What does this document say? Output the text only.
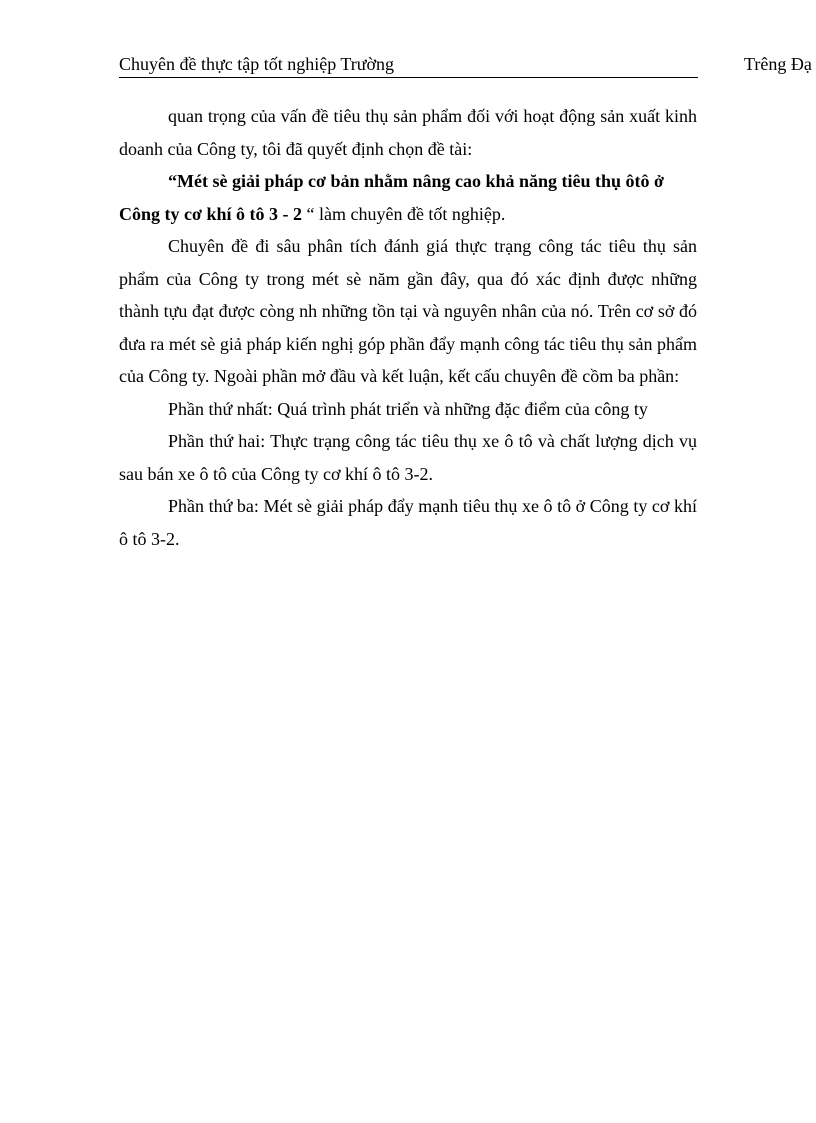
Chuyên đề thực tập tốt nghiệp Trường	Trêng Đạ

quan trọng của vấn đề tiêu thụ sản phẩm đối với hoạt động sản xuất kinh doanh của Công ty, tôi đã quyết định chọn đề tài:

“Mét sè giải pháp cơ bản nhằm nâng cao khả năng tiêu thụ ôtô ở Công ty cơ khí ô tô 3 - 2 “ làm chuyên đề tốt nghiệp.

Chuyên đề đi sâu phân tích đánh giá thực trạng công tác tiêu thụ sản phẩm của Công ty trong mét sè năm gần đây, qua đó xác định được những thành tựu đạt được còng nh những tồn tại và nguyên nhân của nó. Trên cơ sở đó đưa ra mét sè giả pháp kiến nghị góp phần đẩy mạnh công tác tiêu thụ sản phẩm của Công ty. Ngoài phần mở đầu và kết luận, kết cấu chuyên đề cồm ba phần:

Phần thứ nhất: Quá trình phát triển và những đặc điểm của công ty

Phần thứ hai: Thực trạng công tác tiêu thụ xe ô tô và chất lượng dịch vụ sau bán xe ô tô của Công ty cơ khí ô tô 3-2.

Phần thứ ba: Mét sè giải pháp đẩy mạnh tiêu thụ xe ô tô ở Công ty cơ khí ô tô 3-2.
